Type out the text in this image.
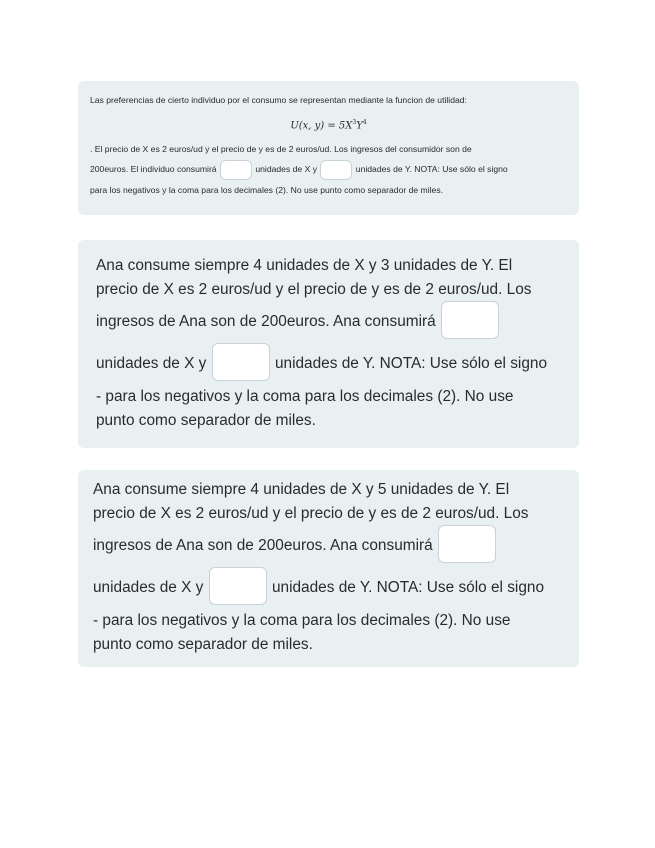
Las preferencias de cierto individuo por el consumo se representan mediante la funcion de utilidad:
U(x, $y) = 5X^3Y^4$
. El precio de X es 2 euros/ud y el precio de y es de 2 euros/ud. Los ingresos del consumidor son de
200euros. El individuo consumirá	unidades de X y	unidades de Y. NOTA: Use sólo el signo
para los negativos y la coma para los decimales (2). No use punto como separador de miles.
Ana consume siempre 4 unidades de X y 3 unidades de Y. El
precio de X es 2 euros/ud y el precio de y es de 2 euros/ud. Los
ingresos de Ana son de 200euros. Ana consumirá
unidades de X y	unidades de Y. NOTA: Use sólo el signo
- para los negativos y la coma para los decimales (2). No use
punto como separador de miles.
Ana consume siempre 4 unidades de X y 5 unidades de Y. El
precio de X es 2 euros/ud y el precio de y es de 2 euros/ud. Los
ingresos de Ana son de 200euros. Ana consumirá
unidades de X y	unidades de Y. NOTA: Use sólo el signo
- para los negativos y la coma para los decimales (2). No use
punto como separador de miles.
